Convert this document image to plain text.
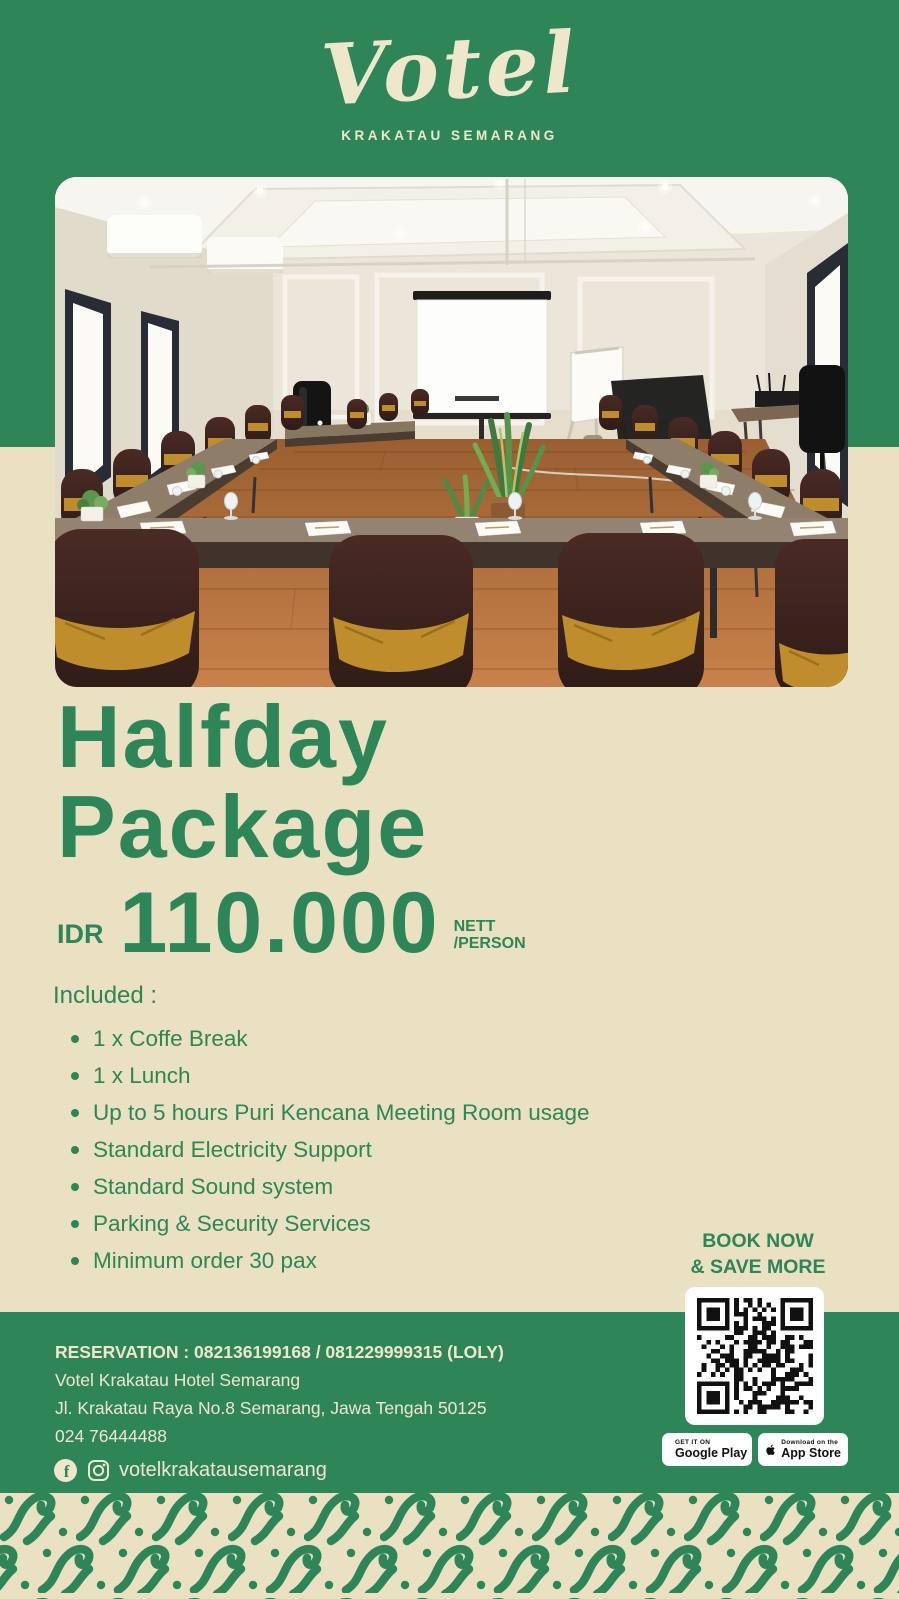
Votel
KRAKATAU SEMARANG
Halfday
Package
IDR 110.000 NETT
/PERSON
Included :
1 x Coffe Break
1 x Lunch
Up to 5 hours Puri Kencana Meeting Room usage
Standard Electricity Support
Standard Sound system
Parking & Security Services
Minimum order 30 pax
BOOK NOW
& SAVE MORE
RESERVATION : 082136199168 / 081229999315 (LOLY)
Votel Krakatau Hotel Semarang
Jl. Krakatau Raya No.8 Semarang, Jawa Tengah 50125
024 76444488
f votelkrakatausemarang
GET IT ON
Google Play
Download on the
App Store
